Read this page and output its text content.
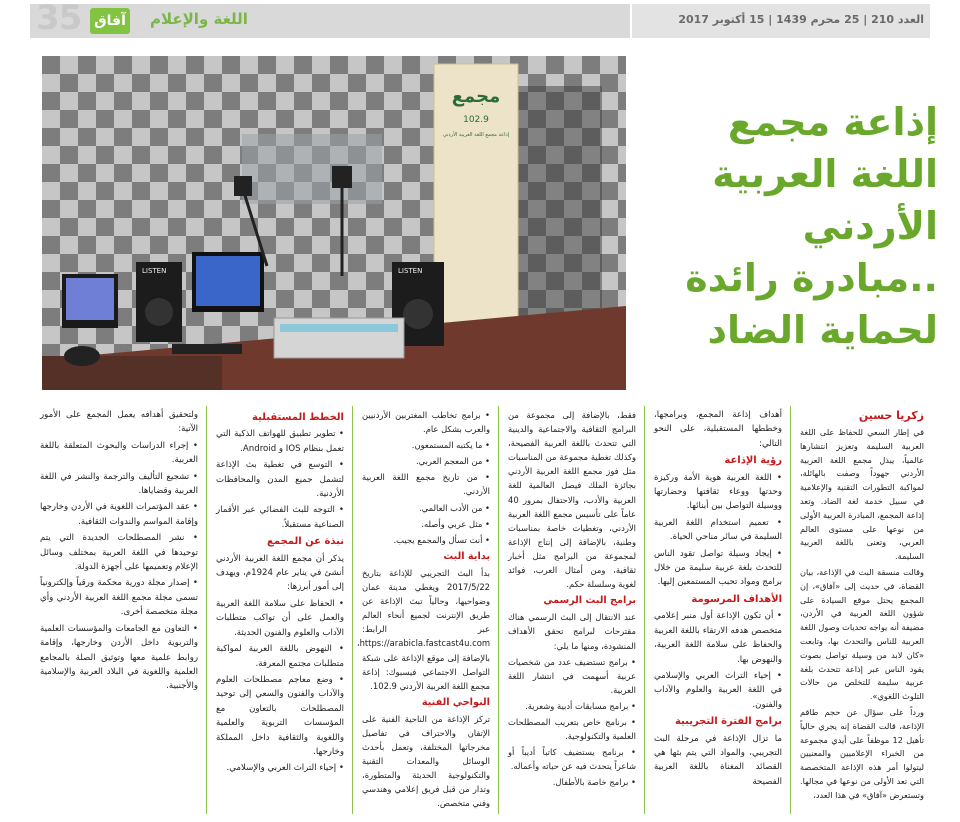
35 آفاق اللغة والإعلام	العدد 210 | 25 محرم 1439 | 15 أكتوبر 2017
مجمع
102.9
إذاعة مجمع اللغة العربية الأردني
LISTEN	LISTEN
إذاعة مجمع
اللغة العربية
الأردني
..مبادرة رائدة
لحماية الضاد
زكريا حسين

في إطار السعي للحفاظ على اللغة العربية السليمة وتعزيز انتشارها عالمياً، يبذل مجمع اللغة العربية الأردني جهوداً وصفت بالهائلة، لمواكبة التطورات التقنية والإعلامية في سبيل خدمة لغة الضاد. وتعد إذاعة المجمع، المبادرة العربية الأولى من نوعها على مستوى العالم العربي، وتعنى باللغة العربية السليمة.

وقالت منسقة البث في الإذاعة، بيان القضاة، في حديث إلى «آفاق»، إن المجمع يحتل موقع السيادة على شؤون اللغة العربية في الأردن، مضيفة أنه يواجه تحديات وصول اللغة العربية للناس والتحدث بها، وتابعت «كان لابد من وسيلة تواصل بصوت يقود الناس عبر إذاعة تتحدث بلغة عربية سليمة للتخلص من حالات التلوث اللغوي».

ورداً على سؤال عن حجم طاقم الإذاعة، قالت القضاة إنه يجري حالياً تأهيل 12 موظفاً على أيدي مجموعة من الخبراء الإعلاميين والمعنيين ليتولوا أمر هذه الإذاعة المتخصصة التي تعد الأولى من نوعها في مجالها. وتستعرض «آفاق» في هذا العدد،

أهداف إذاعة المجمع، وبرامجها، وخططها المستقبلية، على النحو التالي:

رؤية الإذاعة

• اللغة العربية هوية الأمة وركيزة وحدتها ووعاء ثقافتها وحضارتها ووسيلة التواصل بين أبنائها.

• تعميم استخدام اللغة العربية السليمة في سائر مناحي الحياة.

• إيجاد وسيلة تواصل تقود الناس للتحدث بلغة عربية سليمة من خلال برامج ومواد تحبب المستمعين إليها.

الأهداف المرسومة

• أن تكون الإذاعة أول منبر إعلامي متخصص هدفه الارتقاء باللغة العربية والحفاظ على سلامة اللغة العربية، والنهوض بها.

• إحياء التراث العربي والإسلامي في اللغة العربية والعلوم والآداب والفنون.

برامج الفترة التجريبية

ما تزال الإذاعة في مرحلة البث التجريبي، والمواد التي يتم بثها هي القصائد المغناة باللغة العربية الفصيحة

فقط، بالإضافة إلى مجموعة من البرامج الثقافية والاجتماعية والدينية التي تتحدث باللغة العربية الفصيحة، وكذلك تغطية مجموعة من المناسبات مثل فوز مجمع اللغة العربية الأردني بجائزة الملك فيصل العالمية للغة العربية والأدب، والاحتفال بمرور 40 عاماً على تأسيس مجمع اللغة العربية الأردني، وتغطيات خاصة بمناسبات وطنية، بالإضافة إلى إنتاج الإذاعة لمجموعة من البرامج مثل أخبار ثقافية، ومن أمثال العرب، فوائد لغوية وسلسلة حكم.

برامج البث الرسمي

عند الانتقال إلى البث الرسمي هناك مقترحات لبرامج تحقق الأهداف المنشودة، ومنها ما يلي:

• برامج تستضيف عدد من شخصيات عربية أسهمت في انتشار اللغة العربية.

• برامج مسابقات أدبية وشعرية.

• برنامج خاص بتعريب المصطلحات العلمية والتكنولوجية.

• برنامج يستضيف كاتباً أديباً أو شاعراً يتحدث فيه عن حياته وأعماله.

• برامج خاصة بالأطفال.

• برامج تخاطب المغتربين الأردنيين والعرب بشكل عام.

• ما يكتبه المستمعون.

• من المعجم العربي.

• من تاريخ مجمع اللغة العربية الأردني.

• من الأدب العالمي.

• مثل عربي وأصله.

• أنت تسأل والمجمع يجيب.

بداية البث

بدأ البث التجريبي للإذاعة بتاريخ 2017/5/22 ويغطي مدينة عمان وضواحيها، وحالياً تبث الإذاعة عن طريق الإنترنت لجميع أنحاء العالم عبر الرابط: https://arabicla.fastcast4u.com، بالإضافة إلى موقع الإذاعة على شبكة التواصل الاجتماعي فيسبوك: إذاعة مجمع اللغة العربية الأردني 102.9.

النواحي الفنية

تركز الإذاعة من الناحية الفنية على الإتقان والاحتراف في تفاصيل مخرجاتها المختلفة، وتعمل بأحدث الوسائل والمعدات التقنية والتكنولوجية الحديثة والمتطورة، وتدار من قبل فريق إعلامي وهندسي وفني متخصص.

الخطط المستقبلية

• تطوير تطبيق للهواتف الذكية التي تعمل بنظام IOS و Android.

• التوسع في تغطية بث الإذاعة لتشمل جميع المدن والمحافظات الأردنية.

• التوجه للبث الفضائي عبر الأقمار الصناعية مستقبلاً.

نبذة عن المجمع

يذكر أن مجمع اللغة العربية الأردني أنشئ في يناير عام 1924م، ويهدف إلى أمور أبرزها:

• الحفاظ على سلامة اللغة العربية والعمل على أن تواكب متطلبات الآداب والعلوم والفنون الحديثة.

• النهوض باللغة العربية لمواكبة متطلبات مجتمع المعرفة.

• وضع معاجم مصطلحات العلوم والآداب والفنون والسعي إلى توحيد المصطلحات بالتعاون مع المؤسسات التربوية والعلمية واللغوية والثقافية داخل المملكة وخارجها.

• إحياء التراث العربي والإسلامي.

ولتحقيق أهدافه يعمل المجمع على الأمور الآتية:

• إجراء الدراسات والبحوث المتعلقة باللغة العربية.

• تشجيع التأليف والترجمة والنشر في اللغة العربية وقضاياها.

• عقد المؤتمرات اللغوية في الأردن وخارجها وإقامة المواسم والندوات الثقافية.

• نشر المصطلحات الجديدة التي يتم توحيدها في اللغة العربية بمختلف وسائل الإعلام وتعميمها على أجهزة الدولة.

• إصدار مجلة دورية محكمة ورقياً وإلكترونياً تسمى مجلة مجمع اللغة العربية الأردني وأي مجلة متخصصة أخرى.

• التعاون مع الجامعات والمؤسسات العلمية والتربوية داخل الأردن وخارجها، وإقامة روابط علمية معها وتوثيق الصلة بالمجامع العلمية واللغوية في البلاد العربية والإسلامية والأجنبية.
